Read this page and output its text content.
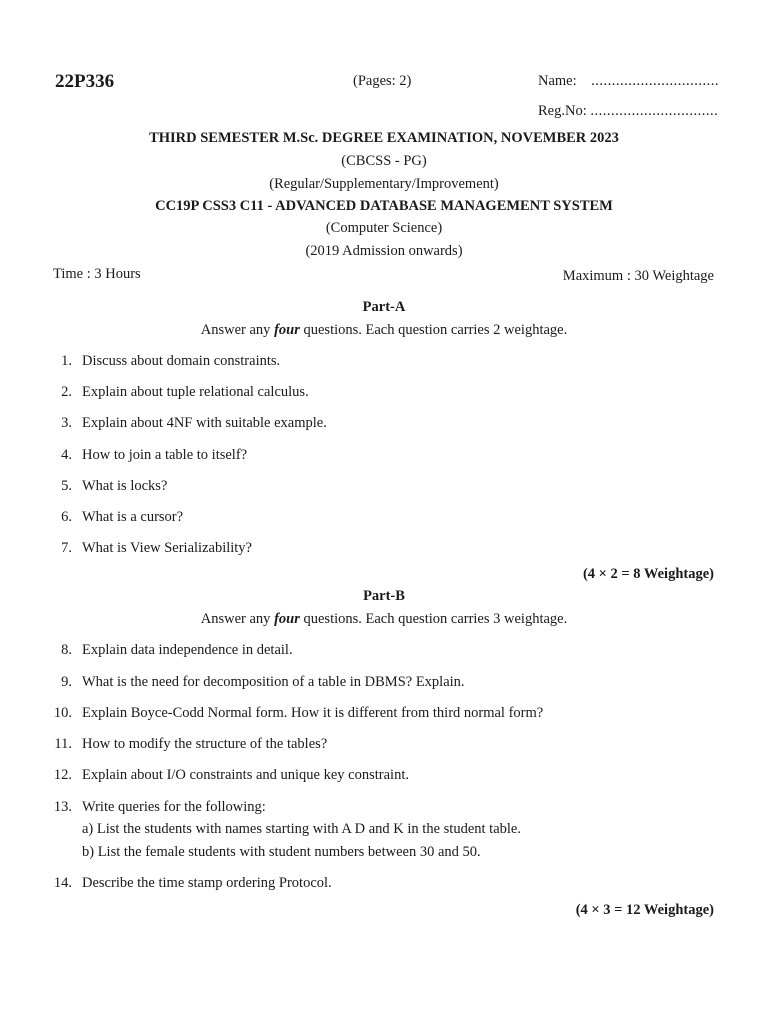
22P336	(Pages: 2)	Name: ...............................
Reg.No: ...............................
THIRD SEMESTER M.Sc. DEGREE EXAMINATION, NOVEMBER 2023
(CBCSS - PG)
(Regular/Supplementary/Improvement)
CC19P CSS3 C11 - ADVANCED DATABASE MANAGEMENT SYSTEM
(Computer Science)
(2019 Admission onwards)
Time : 3 Hours	Maximum : 30 Weightage
Part-A
Answer any four questions. Each question carries 2 weightage.
1. Discuss about domain constraints.
2. Explain about tuple relational calculus.
3. Explain about 4NF with suitable example.
4. How to join a table to itself?
5. What is locks?
6. What is a cursor?
7. What is View Serializability?
(4 × 2 = 8 Weightage)
Part-B
Answer any four questions. Each question carries 3 weightage.
8. Explain data independence in detail.
9. What is the need for decomposition of a table in DBMS? Explain.
10. Explain Boyce-Codd Normal form. How it is different from third normal form?
11. How to modify the structure of the tables?
12. Explain about I/O constraints and unique key constraint.
13. Write queries for the following:
a) List the students with names starting with A D and K in the student table.
b) List the female students with student numbers between 30 and 50.
14. Describe the time stamp ordering Protocol.
(4 × 3 = 12 Weightage)
